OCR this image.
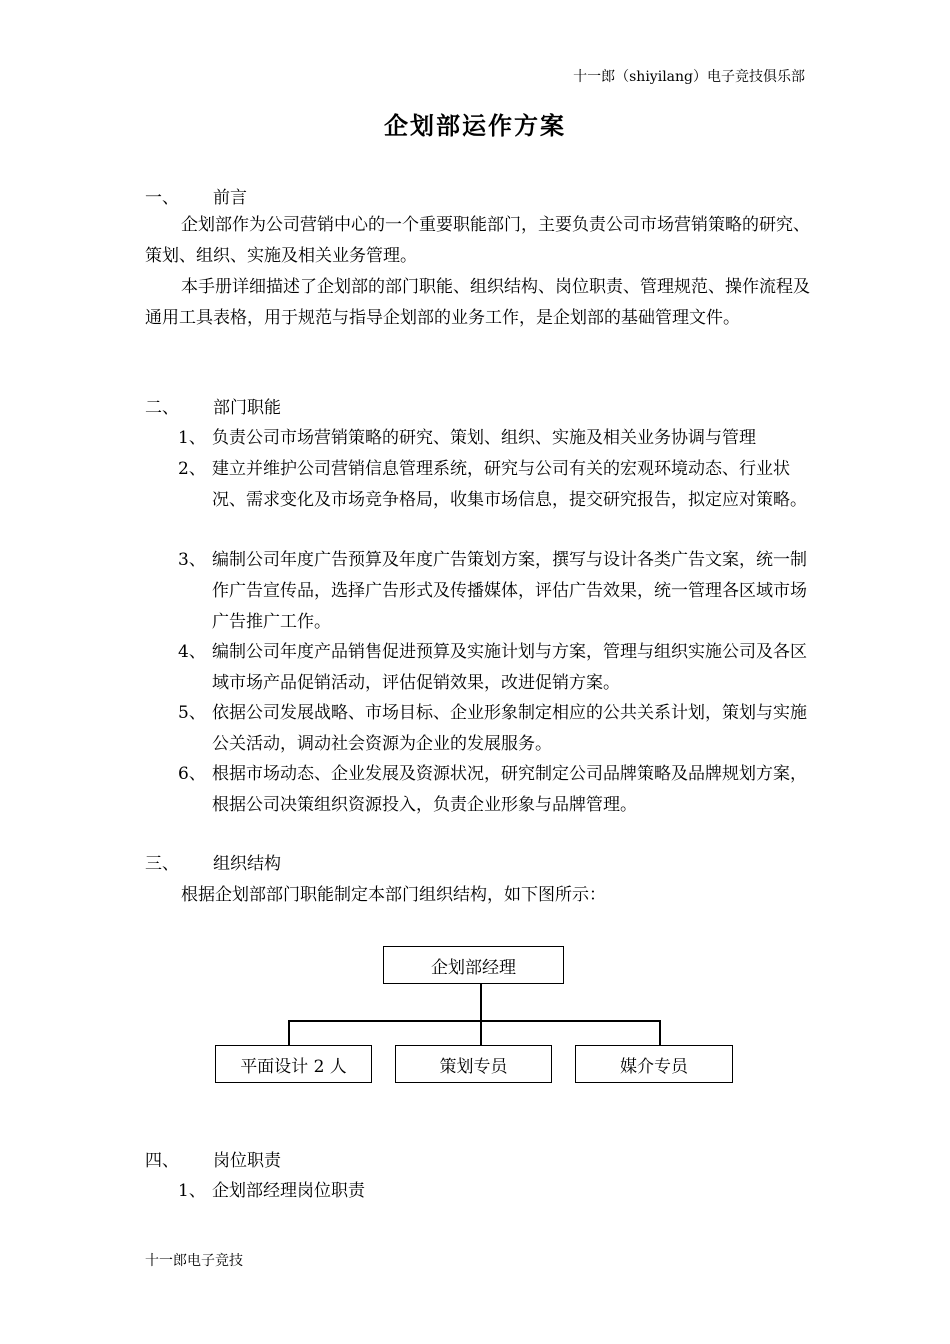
十一郎（shiyilang）电子竞技俱乐部
企划部运作方案
一、 前言
企划部作为公司营销中心的一个重要职能部门，主要负责公司市场营销策略的研究、策划、组织、实施及相关业务管理。
本手册详细描述了企划部的部门职能、组织结构、岗位职责、管理规范、操作流程及通用工具表格，用于规范与指导企划部的业务工作，是企划部的基础管理文件。
二、 部门职能
1、 负责公司市场营销策略的研究、策划、组织、实施及相关业务协调与管理
2、 建立并维护公司营销信息管理系统，研究与公司有关的宏观环境动态、行业状况、需求变化及市场竞争格局，收集市场信息，提交研究报告，拟定应对策略。
3、 编制公司年度广告预算及年度广告策划方案，撰写与设计各类广告文案，统一制作广告宣传品，选择广告形式及传播媒体，评估广告效果，统一管理各区域市场广告推广工作。
4、 编制公司年度产品销售促进预算及实施计划与方案，管理与组织实施公司及各区域市场产品促销活动，评估促销效果，改进促销方案。
5、 依据公司发展战略、市场目标、企业形象制定相应的公共关系计划，策划与实施公关活动，调动社会资源为企业的发展服务。
6、 根据市场动态、企业发展及资源状况，研究制定公司品牌策略及品牌规划方案，根据公司决策组织资源投入，负责企业形象与品牌管理。
三、 组织结构
根据企划部部门职能制定本部门组织结构，如下图所示：
企划部经理
平面设计 2 人	策划专员	媒介专员
四、 岗位职责
1、 企划部经理岗位职责
十一郎电子竞技
